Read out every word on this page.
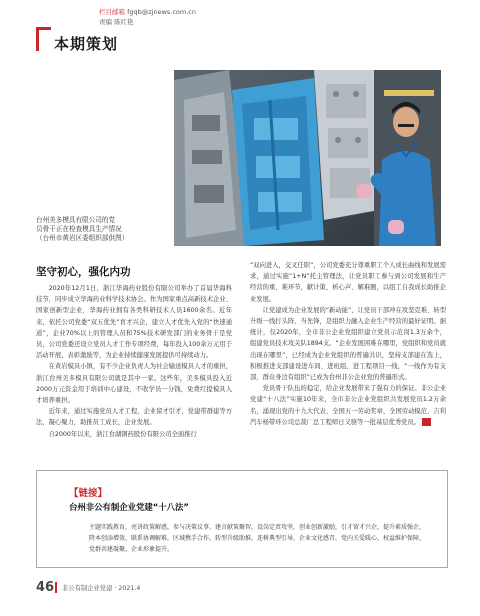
栏目邮箱 fgqb@zjnews.com.cn
责编 陈红艳
本期策划
台州美多模具有限公司的党
员骨干正在检查模具生产情况
（台州市黄岩区委组织部供图）
坚守初心，强化内功

2020年12月1日，浙江华海药业股份有限公司举办了首届华海科技节，同步成立华海药业科学技术协会。作为国家重点高新技术企业、国家创新型企业，华海药业拥有各类科研技术人员1600余名。近年来，依托公司党委“双五优先”育才兴企，建立人才优先入党的“快速通道”，企业70%以上的管理人员和75%技术研发部门的业务骨干是党员，公司党委还设立党员人才工作专项经费，每年投入100余万元用于活动开展，表彰激励等，为企业持续健康发展提供可持续动力。

在黄岩模具小镇，有不少企业负责人为社会输送模具人才的重担，浙江台州美多模具有限公司就是其中一家。这些年，美多模具投入近2000万元资金用于培训中心建设，不收学员一分钱，免费红提模具人才培养重担。

近年来，通过实施党员人才工程，企业留才引才，党建带群建等方法，凝心聚力，助推员工成长，企业发展。

自2000年以来，浙江台湖钢药股份有限公司全面推行

“双向进入，交叉任职”，公司党委充分尊重职工个人成长曲线和发展需求，通过实施“1+N”托主管理法，让党员职工参与到公司发展和生产经营的重、难环节，献计策、析心声、解难题，以组工自我成长助推企业发展。

让党建成为企业发展的“新动能”，让党员干部冲在攻坚克难、转型升级一线打头阵、当先锋，是组织力融入企业生产经营的最好证明。据统计，仅2020年，全市非公企业党组织建立党员示范岗1.3万余个，组建党员技术攻关队1894支。“企业发展困难在哪里，党组织和党员就出现在哪里”，已经成为企业党组织的普遍共识，坚持支部建在选上，积极推进支部建设进车间、进班组、进工程项目一线，“一线作为有支部，群众身边有组织”已成为台州非公企业党的普遍形式。

党员骨干队伍的稳定，给企业发展带来了强有力的保证。非公企业党建“十八法”实施10年来，全市非公企业党组织共发展党员1.2万余名，涌现出党的十九大代表、全国五一劳动奖章、全国劳动模范、吉利汽车杨带环公司总裁厂总工程师日又骆等一批基层优秀党员。

【链接】
台州非公有制企业党建“十八法”
主题实践教育，亮讲政策解惑，参与决策议事，建言献策聚智，设岗定责攻坚，创业创新激励，引才留才兴企，提升素质强企，降本创添增效，联系协调解难，区域携手合作，转型升级助推，连树典型引导，企业文化感召，党内关爱暖心，权益维护保障，党群共建凝聚，企业形象提升。
46 非公有制企业党建 · 2021.4
